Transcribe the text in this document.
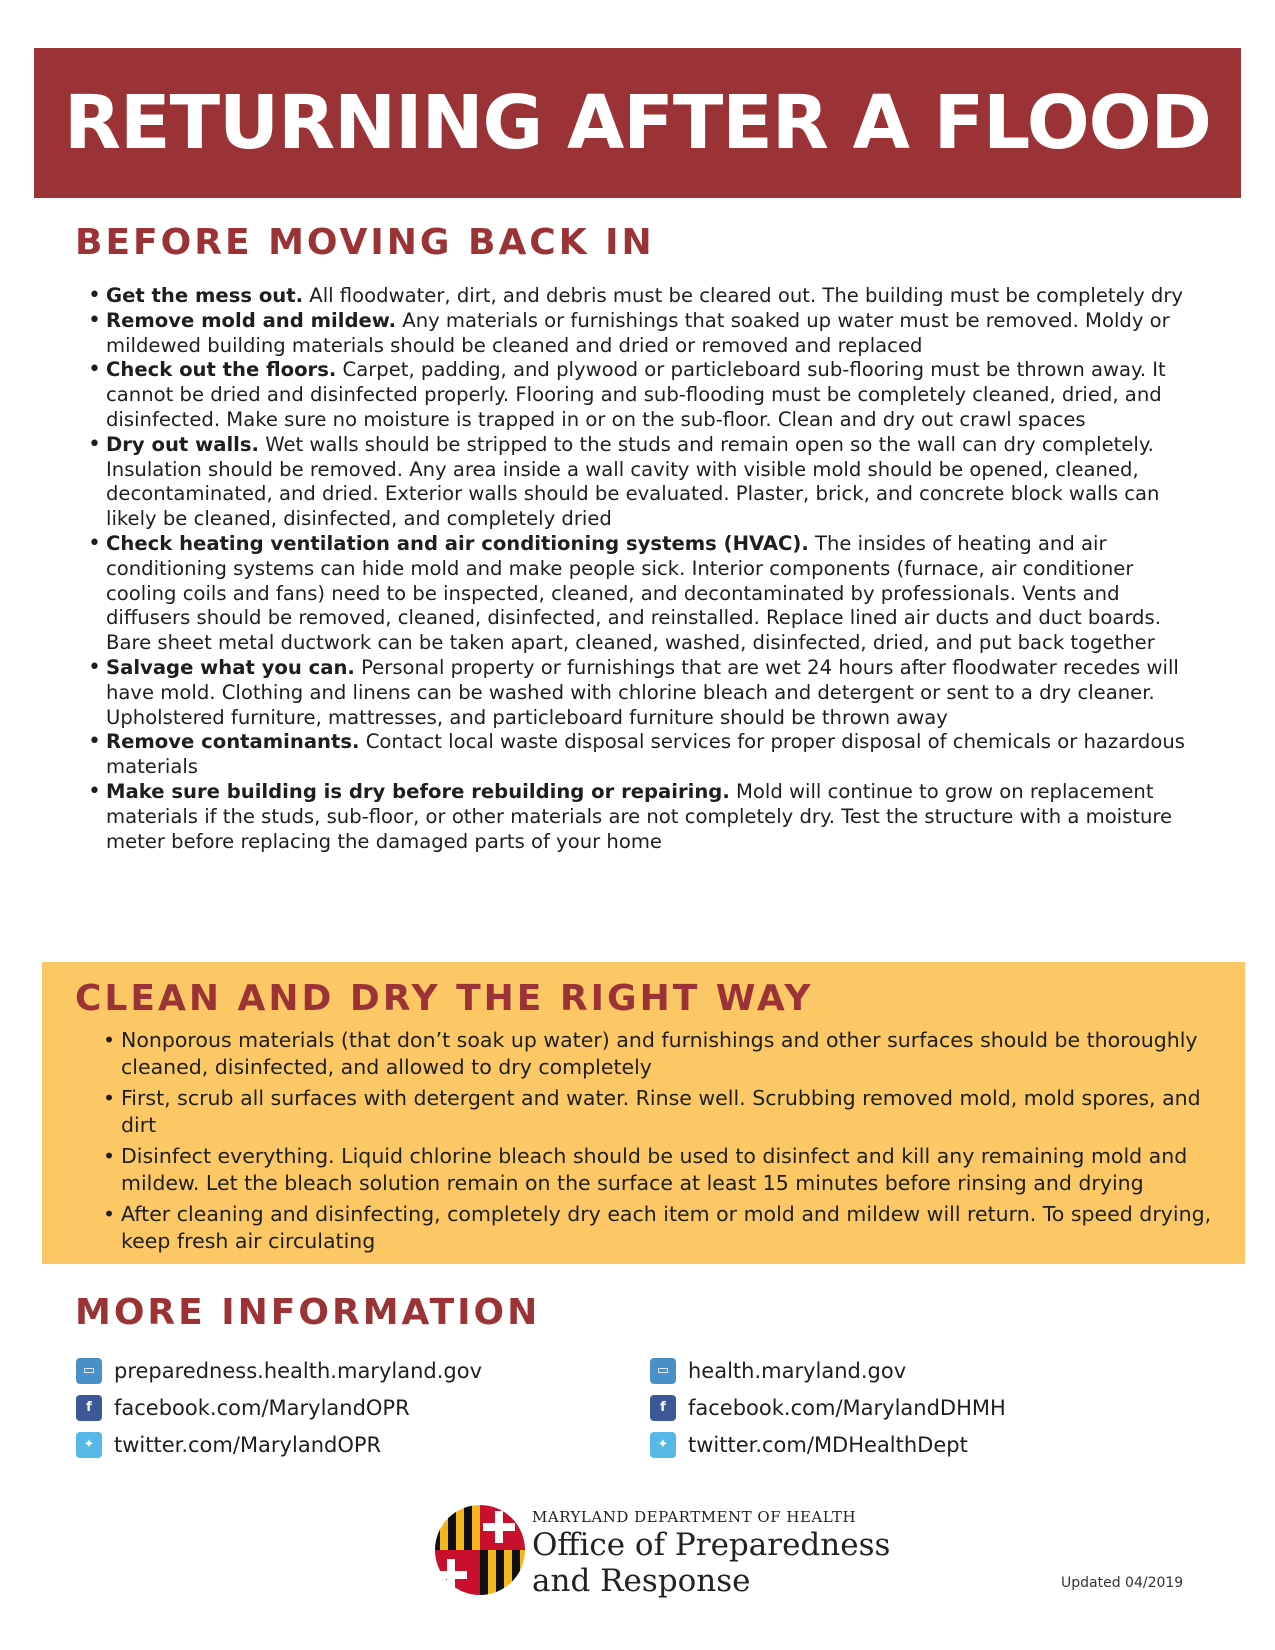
RETURNING AFTER A FLOOD
BEFORE MOVING BACK IN
• Get the mess out. All floodwater, dirt, and debris must be cleared out. The building must be completely dry
• Remove mold and mildew. Any materials or furnishings that soaked up water must be removed. Moldy or mildewed building materials should be cleaned and dried or removed and replaced
• Check out the floors. Carpet, padding, and plywood or particleboard sub-flooring must be thrown away. It cannot be dried and disinfected properly. Flooring and sub-flooding must be completely cleaned, dried, and disinfected. Make sure no moisture is trapped in or on the sub-floor. Clean and dry out crawl spaces
• Dry out walls. Wet walls should be stripped to the studs and remain open so the wall can dry completely. Insulation should be removed. Any area inside a wall cavity with visible mold should be opened, cleaned, decontaminated, and dried. Exterior walls should be evaluated. Plaster, brick, and concrete block walls can likely be cleaned, disinfected, and completely dried
• Check heating ventilation and air conditioning systems (HVAC). The insides of heating and air conditioning systems can hide mold and make people sick. Interior components (furnace, air conditioner cooling coils and fans) need to be inspected, cleaned, and decontaminated by professionals. Vents and diffusers should be removed, cleaned, disinfected, and reinstalled. Replace lined air ducts and duct boards. Bare sheet metal ductwork can be taken apart, cleaned, washed, disinfected, dried, and put back together
• Salvage what you can. Personal property or furnishings that are wet 24 hours after floodwater recedes will have mold. Clothing and linens can be washed with chlorine bleach and detergent or sent to a dry cleaner. Upholstered furniture, mattresses, and particleboard furniture should be thrown away
• Remove contaminants. Contact local waste disposal services for proper disposal of chemicals or hazardous materials
• Make sure building is dry before rebuilding or repairing. Mold will continue to grow on replacement materials if the studs, sub-floor, or other materials are not completely dry. Test the structure with a moisture meter before replacing the damaged parts of your home
CLEAN AND DRY THE RIGHT WAY
• Nonporous materials (that don’t soak up water) and furnishings and other surfaces should be thoroughly cleaned, disinfected, and allowed to dry completely
• First, scrub all surfaces with detergent and water. Rinse well. Scrubbing removed mold, mold spores, and dirt
• Disinfect everything. Liquid chlorine bleach should be used to disinfect and kill any remaining mold and mildew. Let the bleach solution remain on the surface at least 15 minutes before rinsing and drying
• After cleaning and disinfecting, completely dry each item or mold and mildew will return. To speed drying, keep fresh air circulating
MORE INFORMATION
▭ preparedness.health.maryland.gov
f	facebook.com/MarylandOPR
✦ twitter.com/MarylandOPR
▭ health.maryland.gov
f	facebook.com/MarylandDHMH
✦ twitter.com/MDHealthDept
MARYLAND DEPARTMENT OF HEALTH
Office of Preparedness
and Response	Updated 04/2019
